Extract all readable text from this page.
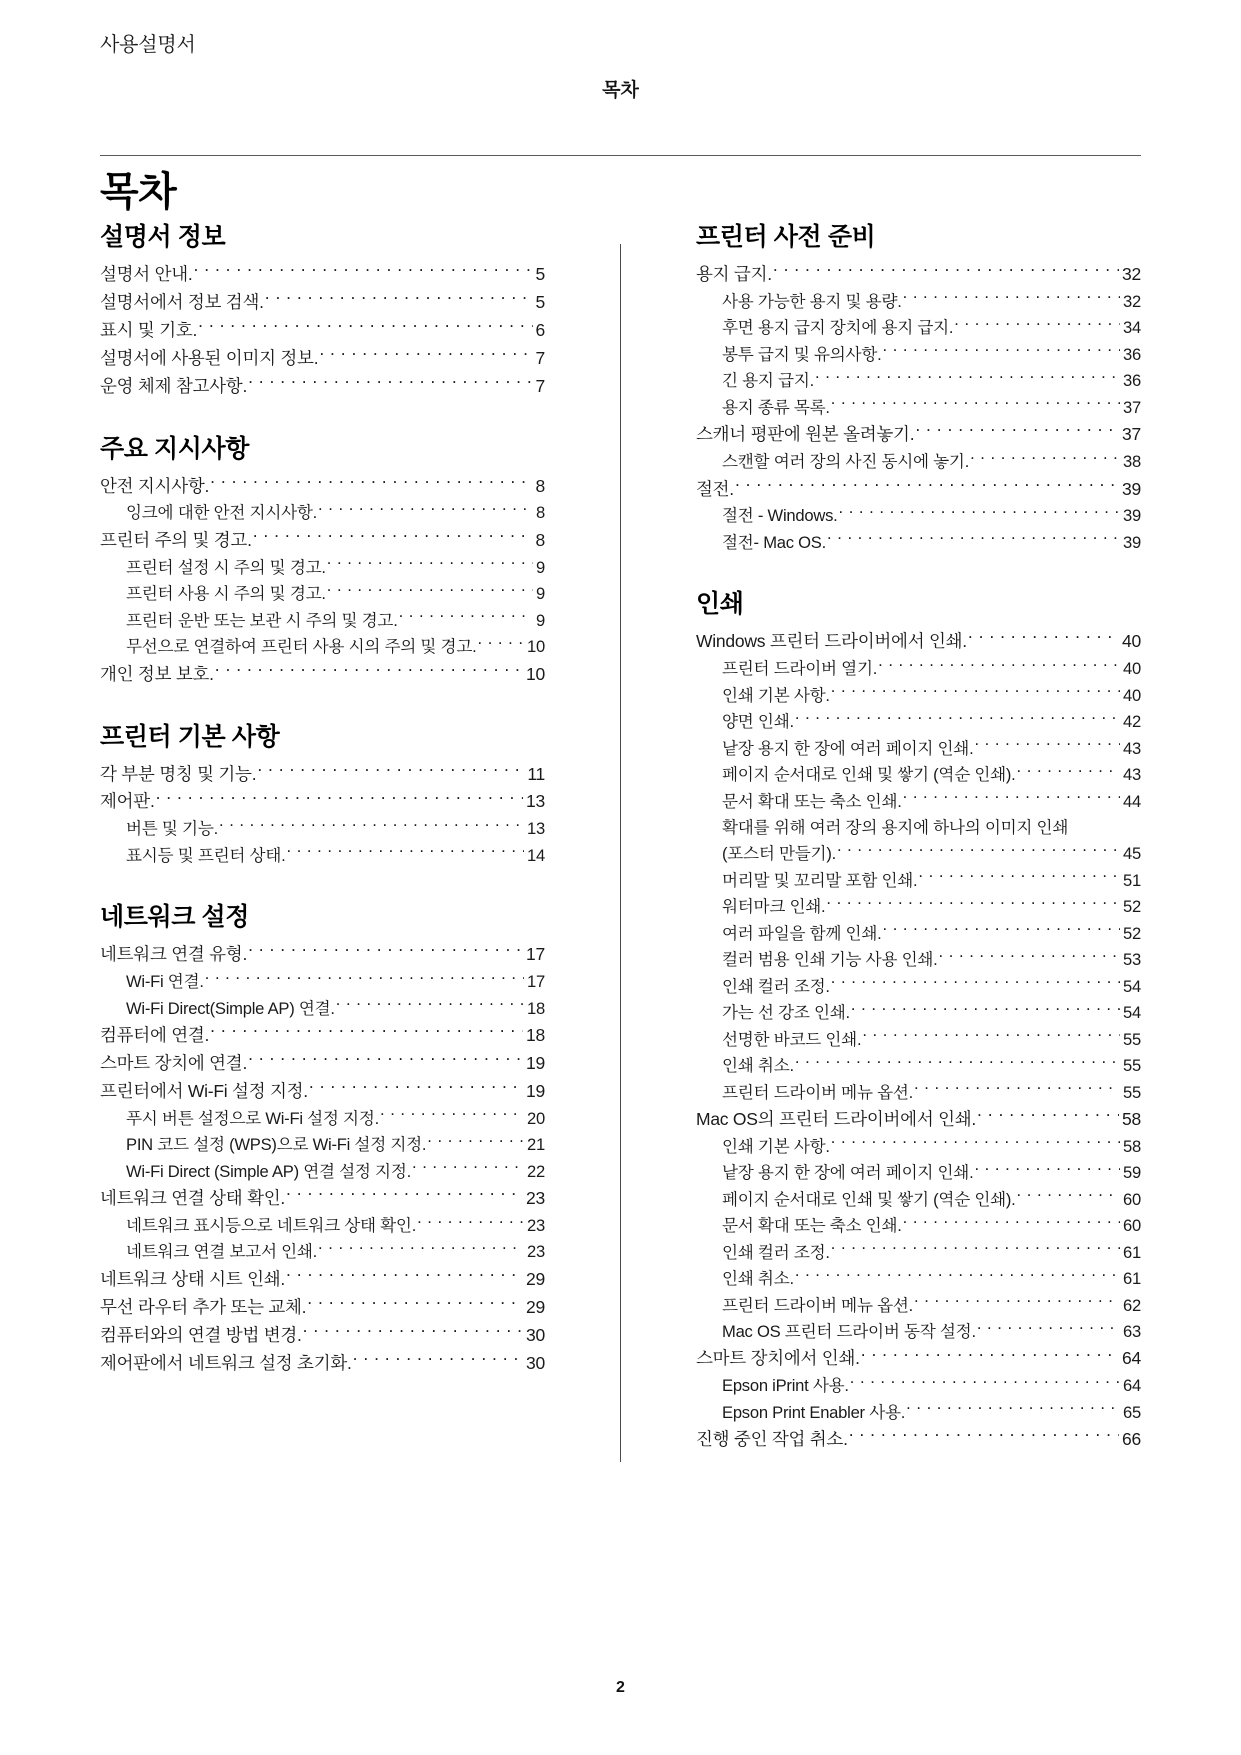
사용설명서
목차
목차
설명서 정보
설명서 안내. . . .	5
설명서에서 정보 검색. . . .	5
표시 및 기호. . . .	6
설명서에 사용된 이미지 정보. . . .	7
운영 체제 참고사항. . . .	7
주요 지시사항
안전 지시사항. . . .	8
잉크에 대한 안전 지시사항. . . .	8
프린터 주의 및 경고. . . .	8
프린터 설정 시 주의 및 경고. . . .	9
프린터 사용 시 주의 및 경고. . . .	9
프린터 운반 또는 보관 시 주의 및 경고. . . .	9
무선으로 연결하여 프린터 사용 시의 주의 및 경고. . . .	10
개인 정보 보호. . . .	10
프린터 기본 사항
각 부분 명칭 및 기능. . . .	11
제어판. . . .	13
버튼 및 기능. . . .	13
표시등 및 프린터 상태. . . .	14
네트워크 설정
네트워크 연결 유형. . . .	17
Wi-Fi 연결. . . .	17
Wi-Fi Direct(Simple AP) 연결. . . .	18
컴퓨터에 연결. . . .	18
스마트 장치에 연결. . . .	19
프린터에서 Wi-Fi 설정 지정. . . .	19
푸시 버튼 설정으로 Wi-Fi 설정 지정. . . .	20
PIN 코드 설정 (WPS)으로 Wi-Fi 설정 지정. . . .	21
Wi-Fi Direct (Simple AP) 연결 설정 지정. . . .	22
네트워크 연결 상태 확인. . . .	23
네트워크 표시등으로 네트워크 상태 확인. . . .	23
네트워크 연결 보고서 인쇄. . . .	23
네트워크 상태 시트 인쇄. . . .	29
무선 라우터 추가 또는 교체. . . .	29
컴퓨터와의 연결 방법 변경. . . .	30
제어판에서 네트워크 설정 초기화. . . .	30
프린터 사전 준비
용지 급지. . . .	32
사용 가능한 용지 및 용량. . . .	32
후면 용지 급지 장치에 용지 급지. . . .	34
봉투 급지 및 유의사항. . . .	36
긴 용지 급지. . . .	36
용지 종류 목록. . . .	37
스캐너 평판에 원본 올려놓기. . . .	37
스캔할 여러 장의 사진 동시에 놓기. . . .	38
절전. . . .	39
절전 - Windows. . . .	39
절전- Mac OS. . . .	39
인쇄
Windows 프린터 드라이버에서 인쇄. . . .	40
프린터 드라이버 열기. . . .	40
인쇄 기본 사항. . . .	40
양면 인쇄. . . .	42
낱장 용지 한 장에 여러 페이지 인쇄. . . .	43
페이지 순서대로 인쇄 및 쌓기 (역순 인쇄). . . .	43
문서 확대 또는 축소 인쇄. . . .	44
확대를 위해 여러 장의 용지에 하나의 이미지 인쇄
(포스터 만들기). . . .	45
머리말 및 꼬리말 포함 인쇄. . . .	51
워터마크 인쇄. . . .	52
여러 파일을 함께 인쇄. . . .	52
컬러 범용 인쇄 기능 사용 인쇄. . . .	53
인쇄 컬러 조정. . . .	54
가는 선 강조 인쇄. . . .	54
선명한 바코드 인쇄. . . .	55
인쇄 취소. . . .	55
프린터 드라이버 메뉴 옵션. . . .	55
Mac OS의 프린터 드라이버에서 인쇄. . . .	58
인쇄 기본 사항. . . .	58
낱장 용지 한 장에 여러 페이지 인쇄. . . .	59
페이지 순서대로 인쇄 및 쌓기 (역순 인쇄). . . .	60
문서 확대 또는 축소 인쇄. . . .	60
인쇄 컬러 조정. . . .	61
인쇄 취소. . . .	61
프린터 드라이버 메뉴 옵션. . . .	62
Mac OS 프린터 드라이버 동작 설정. . . .	63
스마트 장치에서 인쇄. . . .	64
Epson iPrint 사용. . . .	64
Epson Print Enabler 사용. . . .	65
진행 중인 작업 취소. . . .	66
2
